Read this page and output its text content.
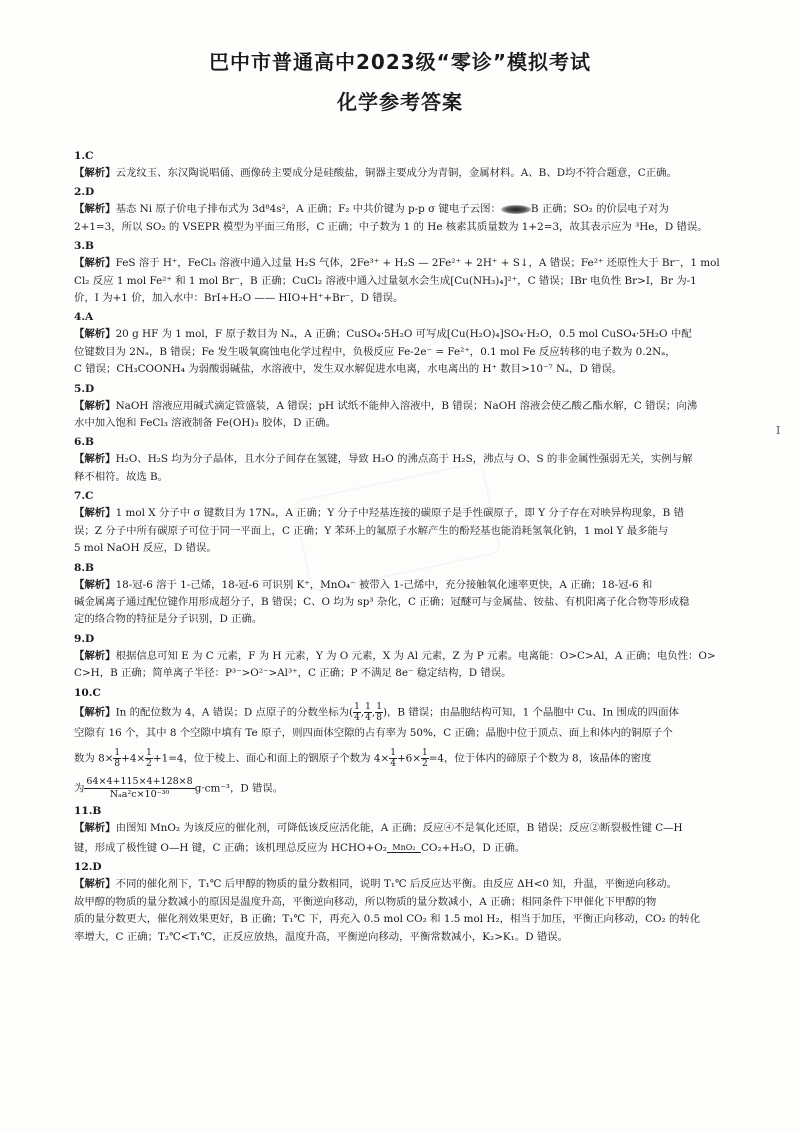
巴中市普通高中2023级“零诊”模拟考试
化学参考答案
I
1.C
【解析】云龙纹玉、东汉陶说唱俑、画像砖主要成分是硅酸盐，铜器主要成分为青铜，金属材料。A、B、D均不符合题意，C正确。
2.D
【解析】基态 Ni 原子价电子排布式为 3d⁸4s²，A 正确；F₂ 中共价键为 p-p σ 键电子云图：	B 正确；SO₂ 的价层电子对为
2+1=3，所以 SO₂ 的 VSEPR 模型为平面三角形，C 正确；中子数为 1 的 He 核素其质量数为 1+2=3，故其表示应为 ³He，D 错误。
3.B
【解析】FeS 溶于 H⁺，FeCl₃ 溶液中通入过量 H₂S 气体，2Fe³⁺ + H₂S — 2Fe²⁺ + 2H⁺ + S↓，A 错误；Fe²⁺ 还原性大于 Br⁻，1 mol
Cl₂ 反应 1 mol Fe²⁺ 和 1 mol Br⁻，B 正确；CuCl₂ 溶液中通入过量氨水会生成[Cu(NH₃)₄]²⁺，C 错误；IBr 电负性 Br>I，Br 为-1
价，I 为+1 价，加入水中：BrI+H₂O —— HIO+H⁺+Br⁻，D 错误。
4.A
【解析】20 g HF 为 1 mol，F 原子数目为 Nₐ，A 正确；CuSO₄·5H₂O 可写成[Cu(H₂O)₄]SO₄·H₂O，0.5 mol CuSO₄·5H₂O 中配
位键数目为 2Nₐ，B 错误；Fe 发生吸氧腐蚀电化学过程中，负极反应 Fe-2e⁻ = Fe²⁺，0.1 mol Fe 反应转移的电子数为 0.2Nₐ，
C 错误；CH₃COONH₄ 为弱酸弱碱盐，水溶液中，发生双水解促进水电离，水电离出的 H⁺ 数目>10⁻⁷ Nₐ，D 错误。
5.D
【解析】NaOH 溶液应用碱式滴定管盛装，A 错误；pH 试纸不能伸入溶液中，B 错误；NaOH 溶液会使乙酸乙酯水解，C 错误；向沸
水中加入饱和 FeCl₃ 溶液制备 Fe(OH)₃ 胶体，D 正确。
6.B
【解析】H₂O、H₂S 均为分子晶体，且水分子间存在氢键，导致 H₂O 的沸点高于 H₂S，沸点与 O、S 的非金属性强弱无关，实例与解
释不相符。故选 B。
7.C
【解析】1 mol X 分子中 σ 键数目为 17Nₐ，A 正确；Y 分子中羟基连接的碳原子是手性碳原子，即 Y 分子存在对映异构现象，B 错
误；Z 分子中所有碳原子可位于同一平面上，C 正确；Y 苯环上的氟原子水解产生的酚羟基也能消耗氢氧化钠，1 mol Y 最多能与
5 mol NaOH 反应，D 错误。
8.B
【解析】18-冠-6 溶于 1-己烯，18-冠-6 可识别 K⁺，MnO₄⁻ 被带入 1-己烯中，充分接触氧化速率更快，A 正确；18-冠-6 和
碱金属离子通过配位键作用形成超分子，B 错误；C、O 均为 sp³ 杂化，C 正确；冠醚可与金属盐、铵盐、有机阳离子化合物等形成稳
定的络合物的特征是分子识别，D 正确。
9.D
【解析】根据信息可知 E 为 C 元素，F 为 H 元素，Y 为 O 元素，X 为 Al 元素，Z 为 P 元素。电离能：O>C>Al，A 正确；电负性：O>
C>H，B 正确；简单离子半径：P³⁻>O²⁻>Al³⁺，C 正确；P 不满足 8e⁻ 稳定结构，D 错误。
10.C
【解析】In 的配位数为 4，A 错误；D 点原子的分数坐标为( $\frac{1}{4}$ , $\frac{1}{4}$ , $\frac{1}{8}$ )，B 错误；由晶胞结构可知，1 个晶胞中 Cu、In 围成的四面体
空隙有 16 个，其中 8 个空隙中填有 Te 原子，则四面体空隙的占有率为 50%，C 正确；晶胞中位于顶点、面上和体内的铜原子个
数为 $8\times \frac{1}{8} +4\times \frac{1}{2} +1=4$，位于棱上、面心和面上的铟原子个数为 $4\times \frac{1}{4} +6\times \frac{1}{2} =4$，位于体内的碲原子个数为 8，该晶体的密度
为 $\frac{64\times 4+115\times 4+128\times 8}{\text{Nₐa²c×10⁻³⁰}} g\cdot cm^{-3}$，D 错误。
11.B
【解析】由图知 MnO₂ 为该反应的催化剂，可降低该反应活化能，A 正确；反应④不是氧化还原，B 错误；反应②断裂极性键 C—H
键，形成了极性键 O—H 键，C 正确；该机理总反应为 HCHO+O₂ MnO₂ CO₂+H₂O，D 正确。
12.D
【解析】不同的催化剂下，T₁℃ 后甲醇的物质的量分数相同，说明 T₁℃ 后反应达平衡。由反应 ΔH<0 知，升温，平衡逆向移动。
故甲醇的物质的量分数减小的原因是温度升高，平衡逆向移动，所以物质的量分数减小，A 正确；相同条件下甲催化下甲醇的物
质的量分数更大，催化剂效果更好，B 正确；T₁℃ 下，再充入 0.5 mol CO₂ 和 1.5 mol H₂，相当于加压，平衡正向移动，CO₂ 的转化
率增大，C 正确；T₂℃<T₁℃，正反应放热，温度升高，平衡逆向移动，平衡常数减小，K₂>K₁。D 错误。
